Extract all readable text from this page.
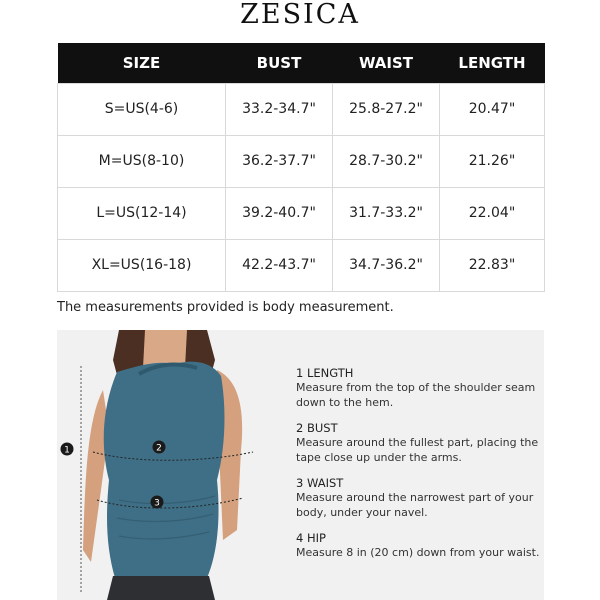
ZESICA
SIZE	BUST	WAIST	LENGTH
S=US(4-6)	33.2-34.7"	25.8-27.2"	20.47"
M=US(8-10)	36.2-37.7"	28.7-30.2"	21.26"
L=US(12-14)	39.2-40.7"	31.7-33.2"	22.04"
XL=US(16-18)	42.2-43.7"	34.7-36.2"	22.83"
The measurements provided is body measurement.
1	2
3
1 LENGTH
Measure from the top of the shoulder seam down to the hem.
2 BUST
Measure around the fullest part, placing the tape close up under the arms.
3 WAIST
Measure around the narrowest part of your body, under your navel.
4 HIP
Measure 8 in (20 cm) down from your waist.
